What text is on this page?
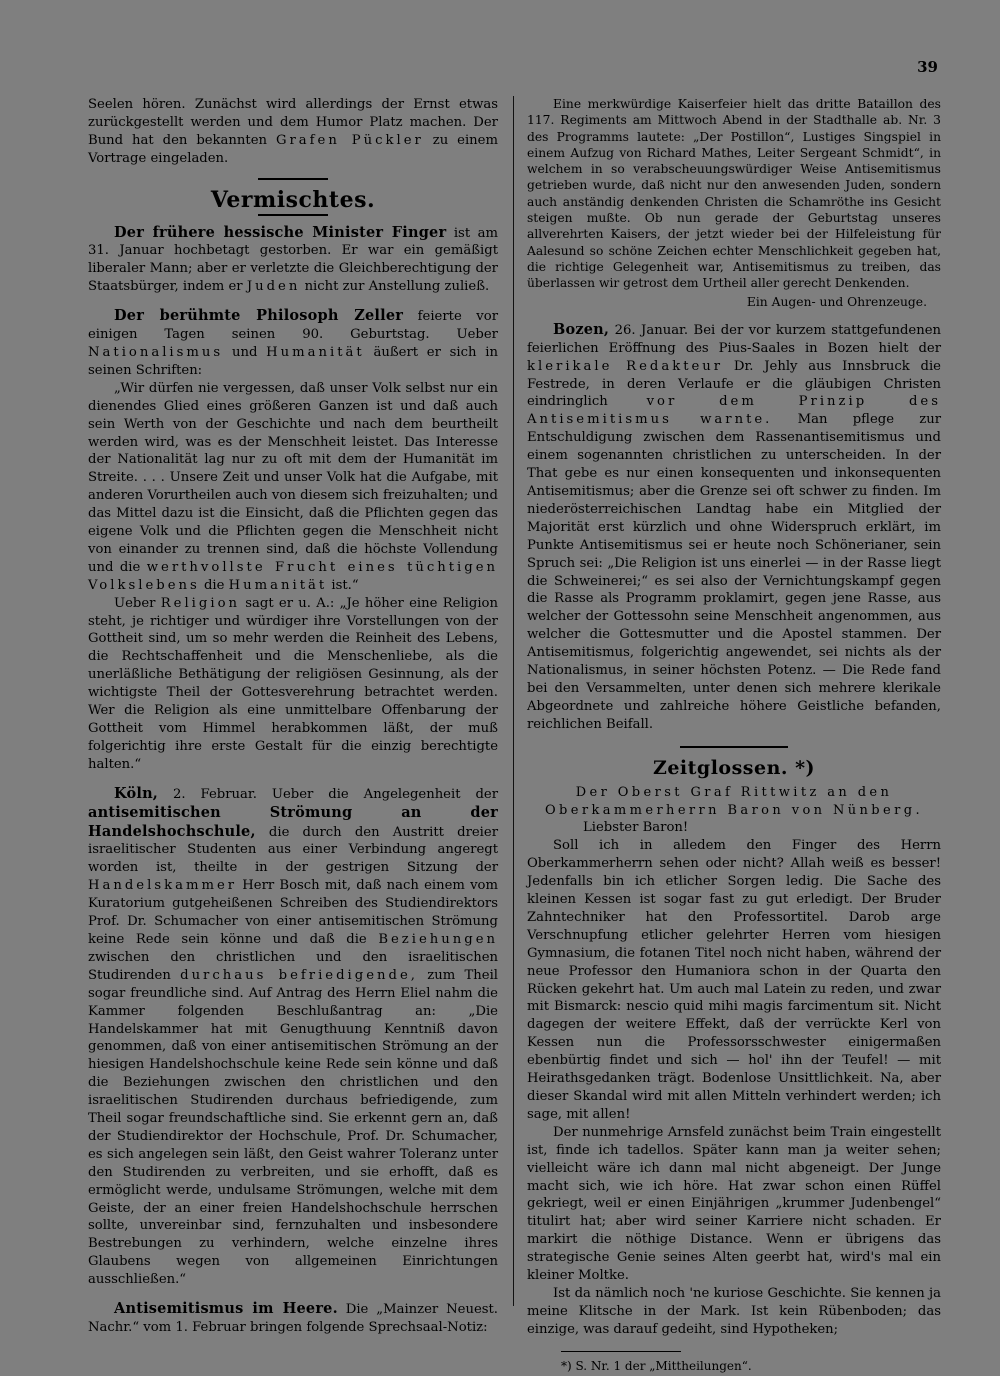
39

Seelen hören. Zunächst wird allerdings der Ernst etwas zurückgestellt werden und dem Humor Platz machen. Der Bund hat den bekannten Grafen Pückler zu einem Vortrage eingeladen.

Vermischtes.

Der frühere hessische Minister Finger ist am 31. Januar hochbetagt gestorben. Er war ein gemäßigt liberaler Mann; aber er verletzte die Gleichberechtigung der Staatsbürger, indem er Juden nicht zur Anstellung zuließ.

Der berühmte Philosoph Zeller feierte vor einigen Tagen seinen 90. Geburtstag. Ueber Nationalismus und Humanität äußert er sich in seinen Schriften:

„Wir dürfen nie vergessen, daß unser Volk selbst nur ein dienendes Glied eines größeren Ganzen ist und daß auch sein Werth von der Geschichte und nach dem beurtheilt werden wird, was es der Menschheit leistet. Das Interesse der Nationalität lag nur zu oft mit dem der Humanität im Streite. . . . Unsere Zeit und unser Volk hat die Aufgabe, mit anderen Vorurtheilen auch von diesem sich freizuhalten; und das Mittel dazu ist die Einsicht, daß die Pflichten gegen das eigene Volk und die Pflichten gegen die Menschheit nicht von einander zu trennen sind, daß die höchste Vollendung und die werthvollste Frucht eines tüchtigen Volkslebens die Humanität ist.“

Ueber Religion sagt er u. A.: „Je höher eine Religion steht, je richtiger und würdiger ihre Vorstellungen von der Gottheit sind, um so mehr werden die Reinheit des Lebens, die Rechtschaffenheit und die Menschenliebe, als die unerläßliche Bethätigung der religiösen Gesinnung, als der wichtigste Theil der Gottesverehrung betrachtet werden. Wer die Religion als eine unmittelbare Offenbarung der Gottheit vom Himmel herabkommen läßt, der muß folgerichtig ihre erste Gestalt für die einzig berechtigte halten.“

Köln, 2. Februar. Ueber die Angelegenheit der antisemitischen Strömung an der Handelshochschule, die durch den Austritt dreier israelitischer Studenten aus einer Verbindung angeregt worden ist, theilte in der gestrigen Sitzung der Handelskammer Herr Bosch mit, daß nach einem vom Kuratorium gutgeheißenen Schreiben des Studiendirektors Prof. Dr. Schumacher von einer antisemitischen Strömung keine Rede sein könne und daß die Beziehungen zwischen den christlichen und den israelitischen Studirenden durchaus befriedigende, zum Theil sogar freundliche sind. Auf Antrag des Herrn Eliel nahm die Kammer folgenden Beschlußantrag an: „Die Handelskammer hat mit Genugthuung Kenntniß davon genommen, daß von einer antisemitischen Strömung an der hiesigen Handelshochschule keine Rede sein könne und daß die Beziehungen zwischen den christlichen und den israelitischen Studirenden durchaus befriedigende, zum Theil sogar freundschaftliche sind. Sie erkennt gern an, daß der Studiendirektor der Hochschule, Prof. Dr. Schumacher, es sich angelegen sein läßt, den Geist wahrer Toleranz unter den Studirenden zu verbreiten, und sie erhofft, daß es ermöglicht werde, undulsame Strömungen, welche mit dem Geiste, der an einer freien Handelshochschule herrschen sollte, unvereinbar sind, fernzuhalten und insbesondere Bestrebungen zu verhindern, welche einzelne ihres Glaubens wegen von allgemeinen Einrichtungen ausschließen.“

Antisemitismus im Heere. Die „Mainzer Neuest. Nachr.“ vom 1. Februar bringen folgende Sprechsaal-Notiz:

Eine merkwürdige Kaiserfeier hielt das dritte Bataillon des 117. Regiments am Mittwoch Abend in der Stadthalle ab. Nr. 3 des Programms lautete: „Der Postillon“, Lustiges Singspiel in einem Aufzug von Richard Mathes, Leiter Sergeant Schmidt“, in welchem in so verabscheuungswürdiger Weise Antisemitismus getrieben wurde, daß nicht nur den anwesenden Juden, sondern auch anständig denkenden Christen die Schamröthe ins Gesicht steigen mußte. Ob nun gerade der Geburtstag unseres allverehrten Kaisers, der jetzt wieder bei der Hilfeleistung für Aalesund so schöne Zeichen echter Menschlichkeit gegeben hat, die richtige Gelegenheit war, Antisemitismus zu treiben, das überlassen wir getrost dem Urtheil aller gerecht Denkenden.

Ein Augen- und Ohrenzeuge.

Bozen, 26. Januar. Bei der vor kurzem stattgefundenen feierlichen Eröffnung des Pius-Saales in Bozen hielt der klerikale Redakteur Dr. Jehly aus Innsbruck die Festrede, in deren Verlaufe er die gläubigen Christen eindringlich	vor dem Prinzip des Antisemitismus warnte. Man pflege zur Entschuldigung zwischen dem Rassenantisemitismus und einem sogenannten christlichen zu unterscheiden. In der That gebe es nur einen konsequenten und inkonsequenten Antisemitismus; aber die Grenze sei oft schwer zu finden. Im niederösterreichischen Landtag habe ein Mitglied der Majorität erst kürzlich und ohne Widerspruch erklärt, im Punkte Antisemitismus sei er heute noch Schönerianer, sein Spruch sei: „Die Religion ist uns einerlei — in der Rasse liegt die Schweinerei;“ es sei also der Vernichtungskampf gegen die Rasse als Programm proklamirt, gegen jene Rasse, aus welcher der Gottessohn seine Menschheit angenommen, aus welcher die Gottesmutter und die Apostel stammen. Der Antisemitismus, folgerichtig angewendet, sei nichts als der Nationalismus, in seiner höchsten Potenz. — Die Rede fand bei den Versammelten, unter denen sich mehrere klerikale Abgeordnete und zahlreiche höhere Geistliche befanden, reichlichen Beifall.

Zeitglossen. *)
Der Oberst Graf Rittwitz an den Oberkammerherrn Baron von Nünberg.

Liebster Baron!

Soll ich in alledem den Finger des Herrn Oberkammerherrn sehen oder nicht? Allah weiß es besser! Jedenfalls bin ich etlicher Sorgen ledig. Die Sache des kleinen Kessen ist sogar fast zu gut erledigt. Der Bruder Zahntechniker hat den Professortitel. Darob arge Verschnupfung etlicher gelehrter Herren vom hiesigen Gymnasium, die fotanen Titel noch nicht haben, während der neue Professor den Humaniora schon in der Quarta den Rücken gekehrt hat. Um auch mal Latein zu reden, und zwar mit Bismarck: nescio quid mihi magis farcimentum sit. Nicht dagegen der weitere Effekt, daß der verrückte Kerl von Kessen nun die Professorsschwester einigermaßen ebenbürtig findet und sich — hol' ihn der Teufel! — mit Heirathsgedanken trägt. Bodenlose Unsittlichkeit. Na, aber dieser Skandal wird mit allen Mitteln verhindert werden; ich sage, mit allen!

Der nunmehrige Arnsfeld zunächst beim Train eingestellt ist, finde ich tadellos. Später kann man ja weiter sehen; vielleicht wäre ich dann mal nicht abgeneigt. Der Junge macht sich, wie ich höre. Hat zwar schon einen Rüffel gekriegt, weil er einen Einjährigen „krummer Judenbengel“ titulirt hat; aber wird seiner Karriere nicht schaden. Er markirt die nöthige Distance. Wenn er übrigens das strategische Genie seines Alten geerbt hat, wird's mal ein kleiner Moltke.

Ist da nämlich noch 'ne kuriose Geschichte. Sie kennen ja meine Klitsche in der Mark. Ist kein Rübenboden; das einzige, was darauf gedeiht, sind Hypotheken;

*) S. Nr. 1 der „Mittheilungen“.
